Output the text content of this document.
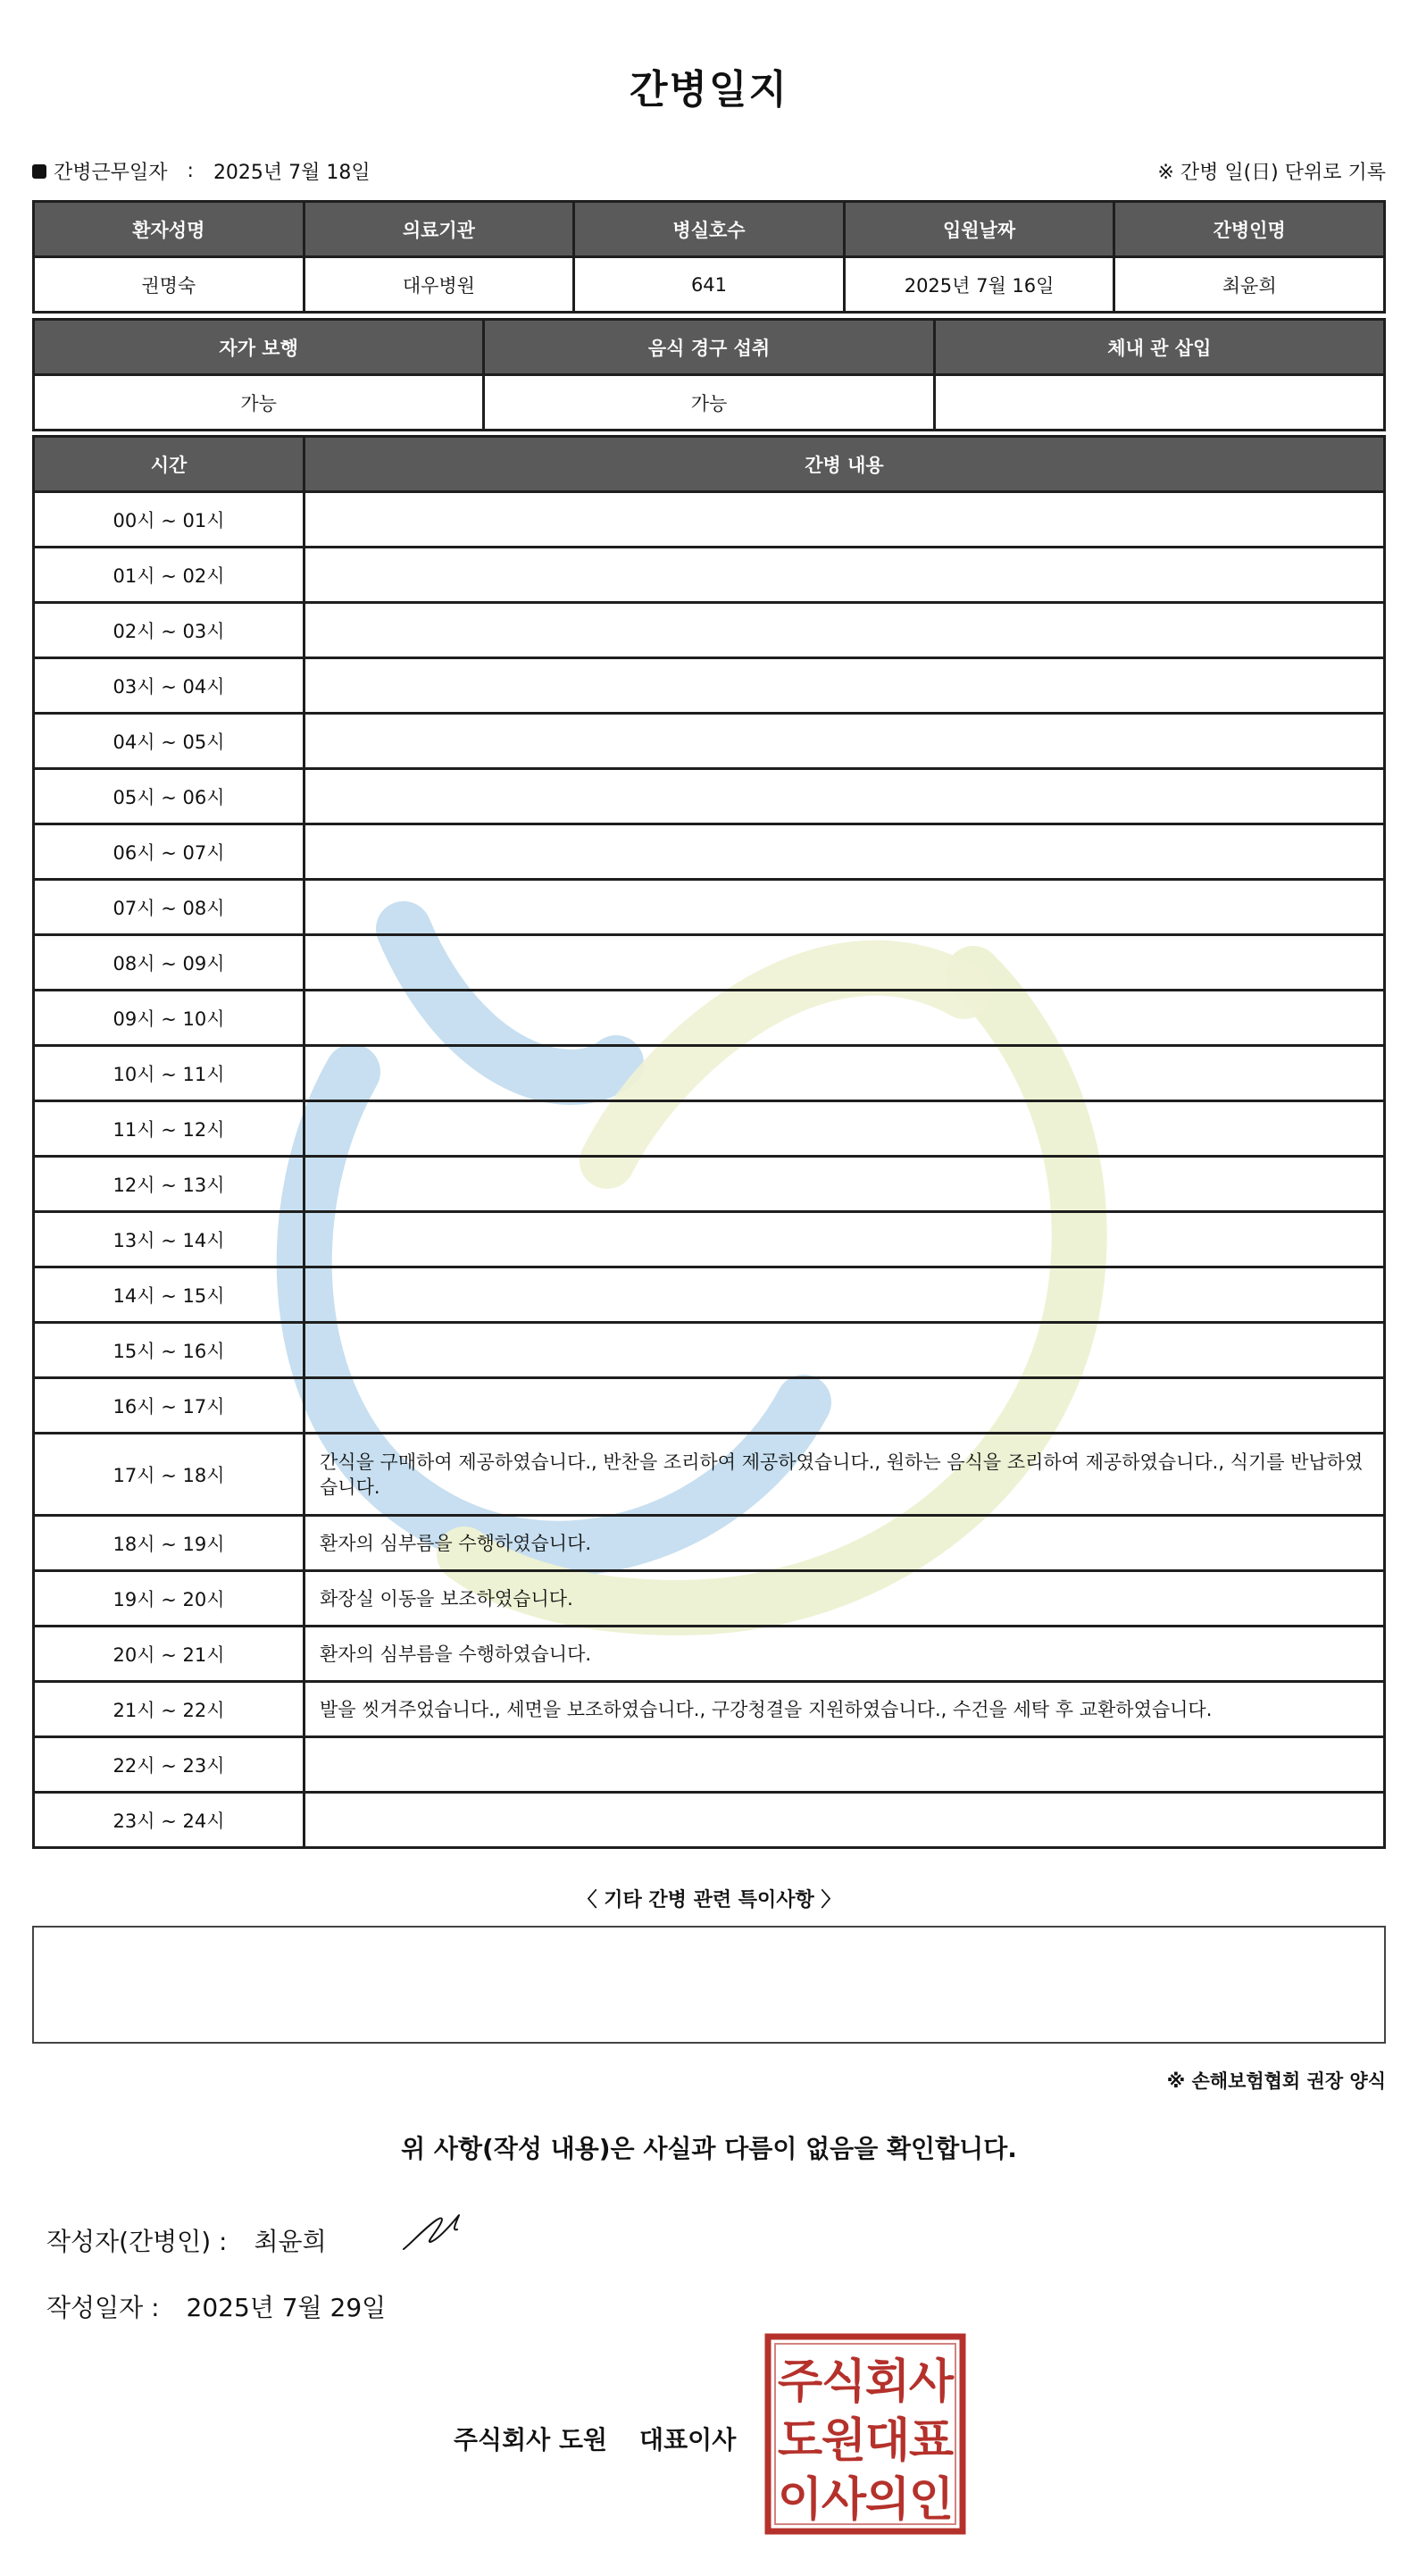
간병일지
간병근무일자 : 2025년 7월 18일	※ 간병 일(日) 단위로 기록
환자성명	의료기관	병실호수	입원날짜	간병인명
권명숙	대우병원	641	2025년 7월 16일	최윤희
자가 보행	음식 경구 섭취	체내 관 삽입
가능	가능	
시간	간병 내용
00시 ~ 01시	
01시 ~ 02시	
02시 ~ 03시	
03시 ~ 04시	
04시 ~ 05시	
05시 ~ 06시	
06시 ~ 07시	
07시 ~ 08시	
08시 ~ 09시	
09시 ~ 10시	
10시 ~ 11시	
11시 ~ 12시	
12시 ~ 13시	
13시 ~ 14시	
14시 ~ 15시	
15시 ~ 16시	
16시 ~ 17시	
17시 ~ 18시	간식을 구매하여 제공하였습니다., 반찬을 조리하여 제공하였습니다., 원하는 음식을 조리하여 제공하였습니다., 식기를 반납하였습니다.
18시 ~ 19시	환자의 심부름을 수행하였습니다.
19시 ~ 20시	화장실 이동을 보조하였습니다.
20시 ~ 21시	환자의 심부름을 수행하였습니다.
21시 ~ 22시	발을 씻겨주었습니다., 세면을 보조하였습니다., 구강청결을 지원하였습니다., 수건을 세탁 후 교환하였습니다.
22시 ~ 23시	
23시 ~ 24시	
〈 기타 간병 관련 특이사항 〉
※ 손해보험협회 권장 양식
위 사항(작성 내용)은 사실과 다름이 없음을 확인합니다.
작성자(간병인) : 최윤희
작성일자 : 2025년 7월 29일
주식회사 도원 대표이사
주
식
회
사
도
원
대
표
이
사
의
인
